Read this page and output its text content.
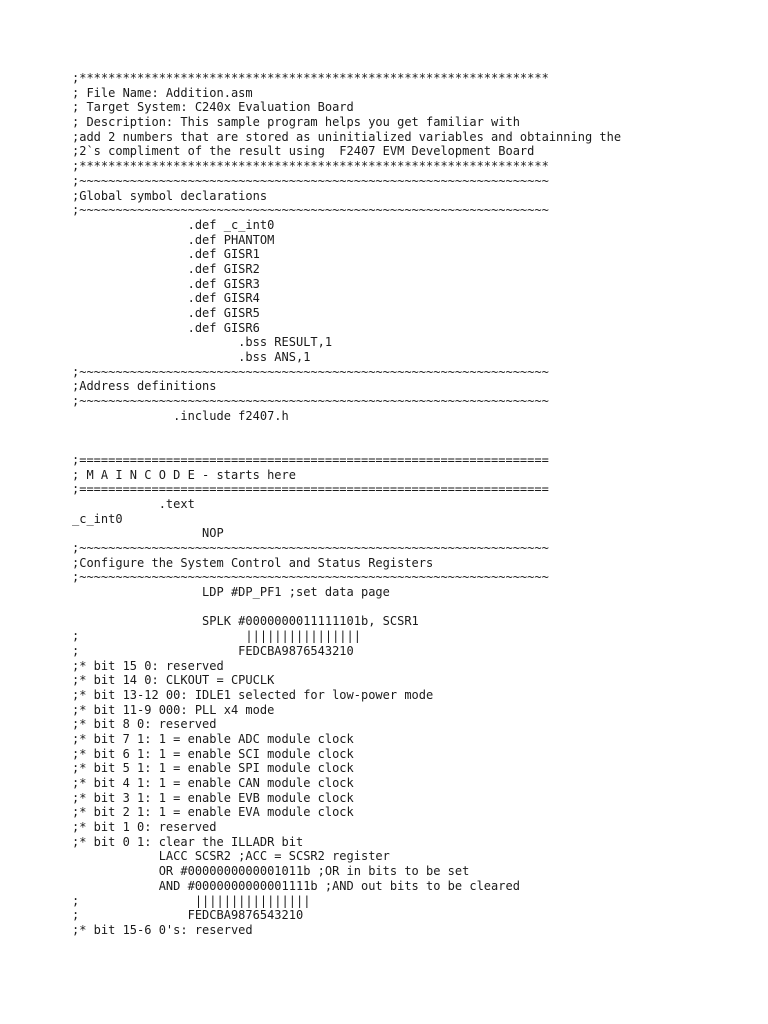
;*****************************************************************
; File Name: Addition.asm
; Target System: C240x Evaluation Board
; Description: This sample program helps you get familiar with
;add 2 numbers that are stored as uninitialized variables and obtainning the
;2`s compliment of the result using  F2407 EVM Development Board
;*****************************************************************
;~~~~~~~~~~~~~~~~~~~~~~~~~~~~~~~~~~~~~~~~~~~~~~~~~~~~~~~~~~~~~~~~~
;Global symbol declarations
;~~~~~~~~~~~~~~~~~~~~~~~~~~~~~~~~~~~~~~~~~~~~~~~~~~~~~~~~~~~~~~~~~
.def _c_int0
.def PHANTOM
.def GISR1
.def GISR2
.def GISR3
.def GISR4
.def GISR5
.def GISR6
.bss RESULT,1
.bss ANS,1
;~~~~~~~~~~~~~~~~~~~~~~~~~~~~~~~~~~~~~~~~~~~~~~~~~~~~~~~~~~~~~~~~~
;Address definitions
;~~~~~~~~~~~~~~~~~~~~~~~~~~~~~~~~~~~~~~~~~~~~~~~~~~~~~~~~~~~~~~~~~
.include f2407.h
;=================================================================
; M A I N C O D E - starts here
;=================================================================
.text
_c_int0
NOP
;~~~~~~~~~~~~~~~~~~~~~~~~~~~~~~~~~~~~~~~~~~~~~~~~~~~~~~~~~~~~~~~~~
;Configure the System Control and Status Registers
;~~~~~~~~~~~~~~~~~~~~~~~~~~~~~~~~~~~~~~~~~~~~~~~~~~~~~~~~~~~~~~~~~
LDP #DP_PF1 ;set data page
SPLK #0000000011111101b, SCSR1
;                       ||||||||||||||||
;                      FEDCBA9876543210
;* bit 15 0: reserved
;* bit 14 0: CLKOUT = CPUCLK
;* bit 13-12 00: IDLE1 selected for low-power mode
;* bit 11-9 000: PLL x4 mode
;* bit 8 0: reserved
;* bit 7 1: 1 = enable ADC module clock
;* bit 6 1: 1 = enable SCI module clock
;* bit 5 1: 1 = enable SPI module clock
;* bit 4 1: 1 = enable CAN module clock
;* bit 3 1: 1 = enable EVB module clock
;* bit 2 1: 1 = enable EVA module clock
;* bit 1 0: reserved
;* bit 0 1: clear the ILLADR bit
LACC SCSR2 ;ACC = SCSR2 register
OR #0000000000001011b ;OR in bits to be set
AND #0000000000001111b ;AND out bits to be cleared
;                ||||||||||||||||
;               FEDCBA9876543210
;* bit 15-6 0's: reserved
